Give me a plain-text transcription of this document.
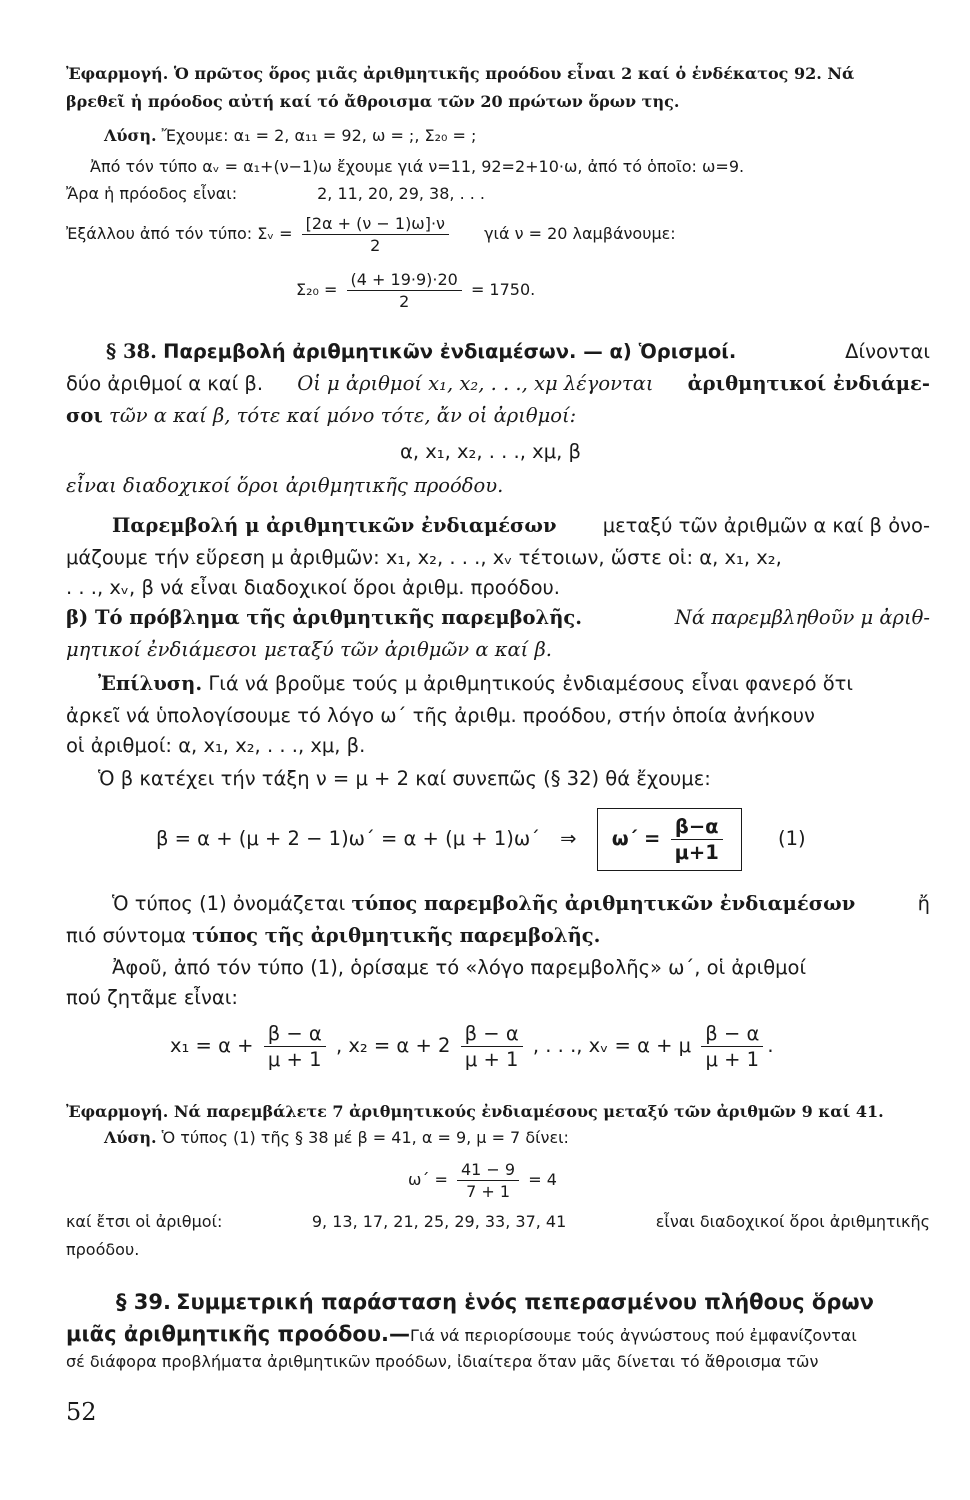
Ἐφαρμογή. Ὁ πρῶτος ὅρος μιᾶς ἀριθμητικῆς προόδου εἶναι 2 καί ὁ ἑνδέκατος 92. Νά
βρεθεῖ ἡ πρόοδος αὐτή καί τό ἄθροισμα τῶν 20 πρώτων ὅρων της.
Λύση. Ἔχουμε: α₁ = 2, α₁₁ = 92, ω = ;, Σ₂₀ = ;
Ἀπό τόν τύπο αᵥ = α₁+(ν−1)ω ἔχουμε γιά ν=11, 92=2+10·ω, ἀπό τό ὁποῖο: ω=9.
Ἄρα ἡ πρόοδος εἶναι:	2, 11, 20, 29, 38, . . .
Ἐξάλλου ἀπό τόν τύπο: Σᵥ = $\frac{[2\alpha + (\nu - 1)\omega]\cdot\nu}{2}$ γιά ν = 20 λαμβάνουμε:
$\Sigma_{20} = \frac{(4 + 19\cdot 9)\cdot 20}{2} = 1750$.
§ 38. Παρεμβολή ἀριθμητικῶν ἐνδιαμέσων. — α) Ὁρισμοί.	Δίνονται
δύο ἀριθμοί α καί β. Οἱ μ ἀριθμοί x₁, x₂, . . ., xμ λέγονται ἀριθμητικοί ἐνδιάμε-
σοι τῶν α καί β, τότε καί μόνο τότε, ἄν οἱ ἀριθμοί:
α, x₁, x₂, . . ., xμ, β
εἶναι διαδοχικοί ὅροι ἀριθμητικῆς προόδου.
Παρεμβολή μ ἀριθμητικῶν ἐνδιαμέσων μεταξύ τῶν ἀριθμῶν α καί β ὀνο-
μάζουμε τήν εὕρεση μ ἀριθμῶν: x₁, x₂, . . ., xᵥ τέτοιων, ὥστε οἱ: α, x₁, x₂,
. . ., xᵥ, β νά εἶναι διαδοχικοί ὅροι ἀριθμ. προόδου.
β) Τό πρόβλημα τῆς ἀριθμητικῆς παρεμβολῆς.	Νά παρεμβληθοῦν μ ἀριθ-
μητικοί ἐνδιάμεσοι μεταξύ τῶν ἀριθμῶν α καί β.
Ἐπίλυση. Γιά νά βροῦμε τούς μ ἀριθμητικούς ἐνδιαμέσους εἶναι φανερό ὅτι
ἀρκεῖ νά ὑπολογίσουμε τό λόγο ω΄ τῆς ἀριθμ. προόδου, στήν ὁποία ἀνήκουν
οἱ ἀριθμοί: α, x₁, x₂, . . ., xμ, β.
Ὁ β κατέχει τήν τάξη ν = μ + 2 καί συνεπῶς (§ 32) θά ἔχουμε:
β = α + (μ + 2 − 1)ω΄ = α + (μ + 1)ω΄ ⇒ $\omega΄ = \frac{\beta-\alpha}{\mu+1}$	(1)
Ὁ τύπος (1) ὀνομάζεται τύπος παρεμβολῆς ἀριθμητικῶν ἐνδιαμέσων	ἤ
πιό σύντομα τύπος τῆς ἀριθμητικῆς παρεμβολῆς.
Ἀφοῦ, ἀπό τόν τύπο (1), ὁρίσαμε τό «λόγο παρεμβολῆς» ω΄, οἱ ἀριθμοί
πού ζητᾶμε εἶναι:
$x_1 = \alpha + \frac{\beta - \alpha}{\mu + 1}$ , $x_2 = \alpha + 2 \frac{\beta - \alpha}{\mu + 1}$ , . . ., xᵥ = α + μ $\frac{\beta - \alpha}{\mu + 1}$ .
Ἐφαρμογή. Νά παρεμβάλετε 7 ἀριθμητικούς ἐνδιαμέσους μεταξύ τῶν ἀριθμῶν 9 καί 41.
Λύση. Ὁ τύπος (1) τῆς § 38 μέ β = 41, α = 9, μ = 7 δίνει:
$\omega΄ = \frac{41 - 9}{7 + 1} = 4$
καί ἔτσι οἱ ἀριθμοί:	9, 13, 17, 21, 25, 29, 33, 37, 41	εἶναι διαδοχικοί ὅροι ἀριθμητικῆς
προόδου.
§ 39. Συμμετρική παράσταση ἑνός πεπερασμένου πλήθους ὅρων
μιᾶς ἀριθμητικῆς προόδου.—Γιά νά περιορίσουμε τούς ἀγνώστους πού ἐμφανίζονται
σέ διάφορα προβλήματα ἀριθμητικῶν προόδων, ἰδιαίτερα ὅταν μᾶς δίνεται τό ἄθροισμα τῶν
52
